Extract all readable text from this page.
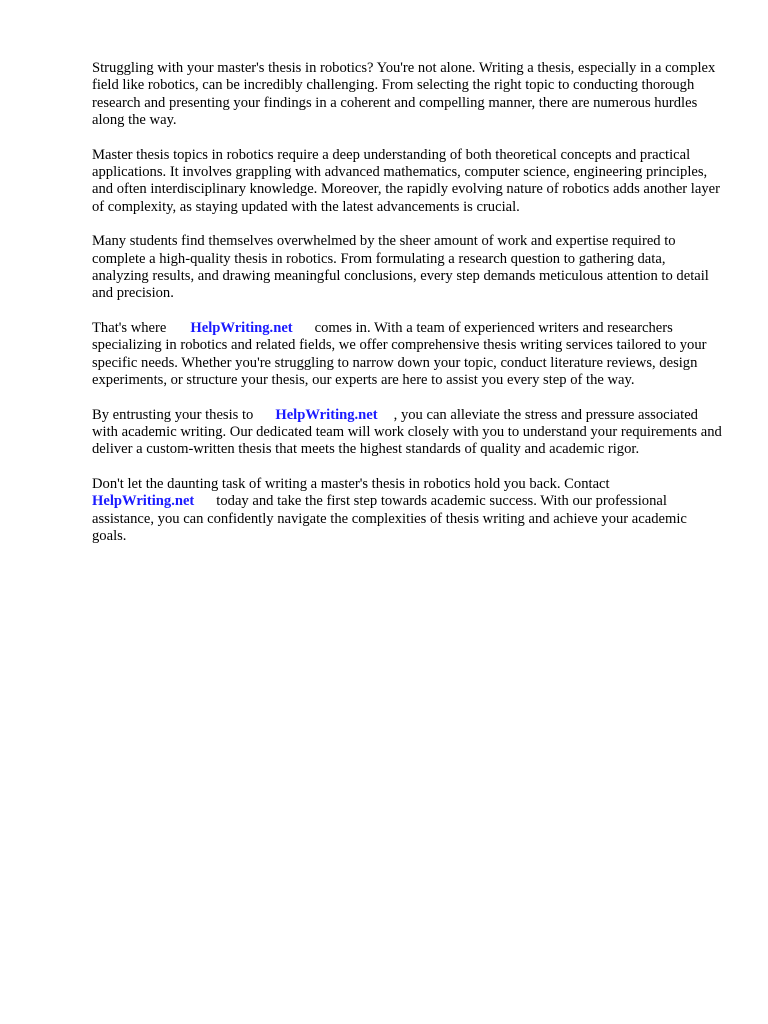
Struggling with your master's thesis in robotics? You're not alone. Writing a thesis, especially in a complex field like robotics, can be incredibly challenging. From selecting the right topic to conducting thorough research and presenting your findings in a coherent and compelling manner, there are numerous hurdles along the way.

Master thesis topics in robotics require a deep understanding of both theoretical concepts and practical applications. It involves grappling with advanced mathematics, computer science, engineering principles, and often interdisciplinary knowledge. Moreover, the rapidly evolving nature of robotics adds another layer of complexity, as staying updated with the latest advancements is crucial.

Many students find themselves overwhelmed by the sheer amount of work and expertise required to complete a high-quality thesis in robotics. From formulating a research question to gathering data, analyzing results, and drawing meaningful conclusions, every step demands meticulous attention to detail and precision.

That's where HelpWriting.net comes in. With a team of experienced writers and researchers specializing in robotics and related fields, we offer comprehensive thesis writing services tailored to your specific needs. Whether you're struggling to narrow down your topic, conduct literature reviews, design experiments, or structure your thesis, our experts are here to assist you every step of the way.

By entrusting your thesis to HelpWriting.net , you can alleviate the stress and pressure associated with academic writing. Our dedicated team will work closely with you to understand your requirements and deliver a custom-written thesis that meets the highest standards of quality and academic rigor.

Don't let the daunting task of writing a master's thesis in robotics hold you back. Contact HelpWriting.net today and take the first step towards academic success. With our professional assistance, you can confidently navigate the complexities of thesis writing and achieve your academic goals.
